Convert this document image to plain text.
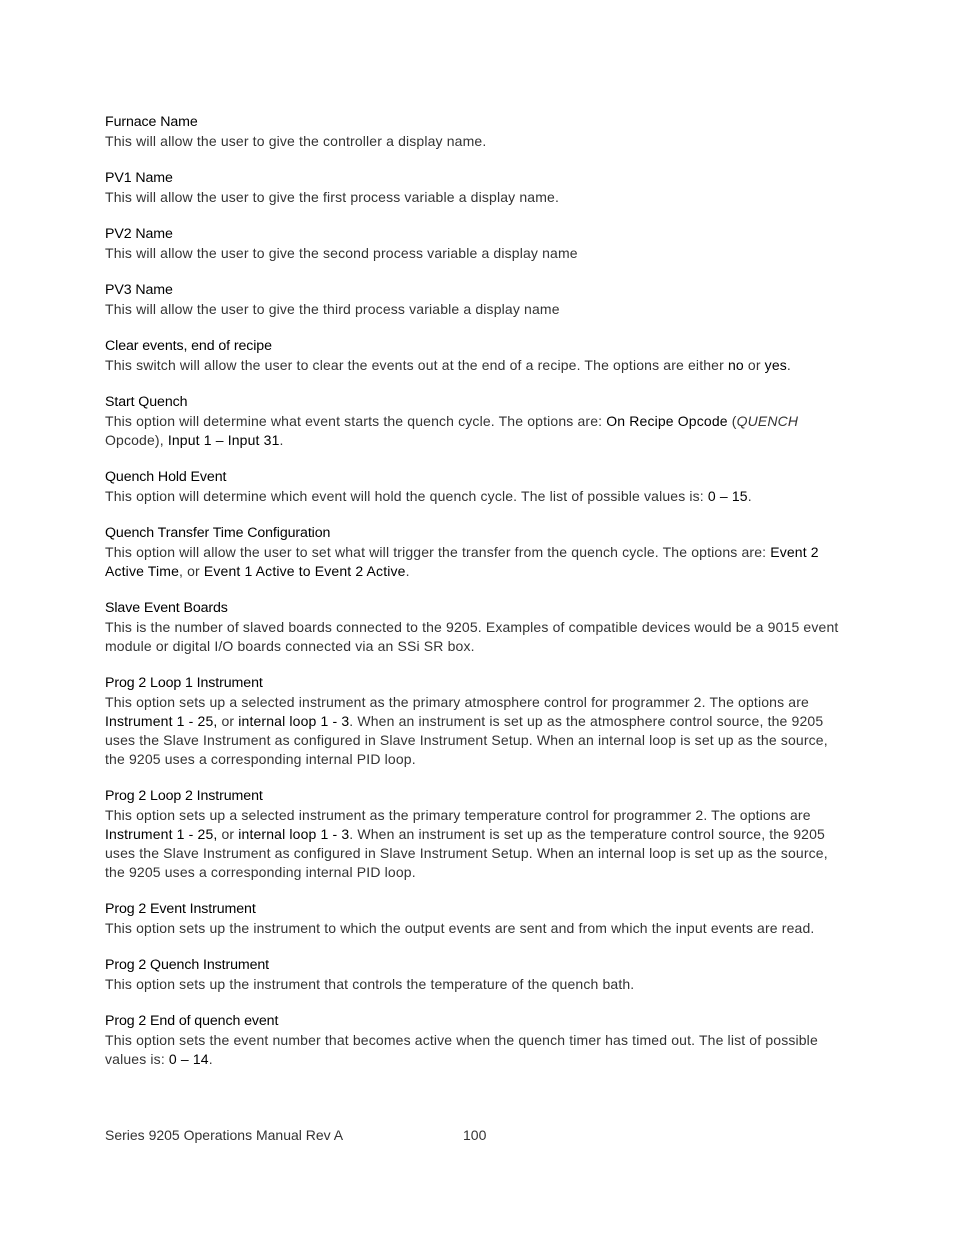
Furnace Name
This will allow the user to give the controller a display name.
PV1 Name
This will allow the user to give the first process variable a display name.
PV2 Name
This will allow the user to give the second process variable a display name
PV3 Name
This will allow the user to give the third process variable a display name
Clear events, end of recipe
This switch will allow the user to clear the events out at the end of a recipe. The options are either no or yes.
Start Quench
This option will determine what event starts the quench cycle. The options are: On Recipe Opcode (QUENCH Opcode), Input 1 – Input 31.
Quench Hold Event
This option will determine which event will hold the quench cycle. The list of possible values is: 0 – 15.
Quench Transfer Time Configuration
This option will allow the user to set what will trigger the transfer from the quench cycle. The options are: Event 2 Active Time, or Event 1 Active to Event 2 Active.
Slave Event Boards
This is the number of slaved boards connected to the 9205. Examples of compatible devices would be a 9015 event module or digital I/O boards connected via an SSi SR box.
Prog 2 Loop 1 Instrument
This option sets up a selected instrument as the primary atmosphere control for programmer 2. The options are Instrument 1 - 25, or internal loop 1 - 3. When an instrument is set up as the atmosphere control source, the 9205 uses the Slave Instrument as configured in Slave Instrument Setup. When an internal loop is set up as the source, the 9205 uses a corresponding internal PID loop.
Prog 2 Loop 2 Instrument
This option sets up a selected instrument as the primary temperature control for programmer 2. The options are Instrument 1 - 25, or internal loop 1 - 3. When an instrument is set up as the temperature control source, the 9205 uses the Slave Instrument as configured in Slave Instrument Setup. When an internal loop is set up as the source, the 9205 uses a corresponding internal PID loop.
Prog 2 Event Instrument
This option sets up the instrument to which the output events are sent and from which the input events are read.
Prog 2 Quench Instrument
This option sets up the instrument that controls the temperature of the quench bath.
Prog 2 End of quench event
This option sets the event number that becomes active when the quench timer has timed out. The list of possible values is: 0 – 14.
Series 9205 Operations Manual Rev A	100
